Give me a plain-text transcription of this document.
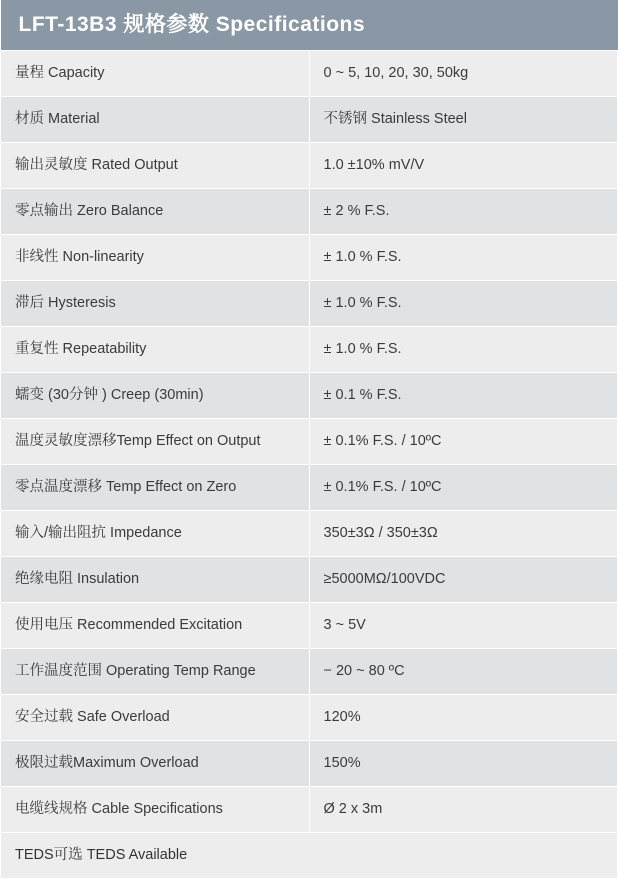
LFT-13B3 规格参数 Specifications	
量程 Capacity	0 ~ 5, 10, 20, 30, 50kg
材质 Material	不锈钢 Stainless Steel
输出灵敏度 Rated Output	1.0 ±10% mV/V
零点输出 Zero Balance	± 2 % F.S.
非线性 Non-linearity	± 1.0 % F.S.
滞后 Hysteresis	± 1.0 % F.S.
重复性 Repeatability	± 1.0 % F.S.
蠕变 (30分钟 ) Creep (30min)	± 0.1 % F.S.
温度灵敏度漂移Temp Effect on Output	± 0.1% F.S. / 10ºC
零点温度漂移 Temp Effect on Zero	± 0.1% F.S. / 10ºC
输入/输出阻抗 Impedance	350±3Ω / 350±3Ω
绝缘电阻 Insulation	≥5000MΩ/100VDC
使用电压 Recommended Excitation	3 ~ 5V
工作温度范围 Operating Temp Range	− 20 ~ 80 ºC
安全过载 Safe Overload	120%
极限过载Maximum Overload	150%
电缆线规格 Cable Specifications	Ø 2 x 3m
TEDS可选 TEDS Available	
